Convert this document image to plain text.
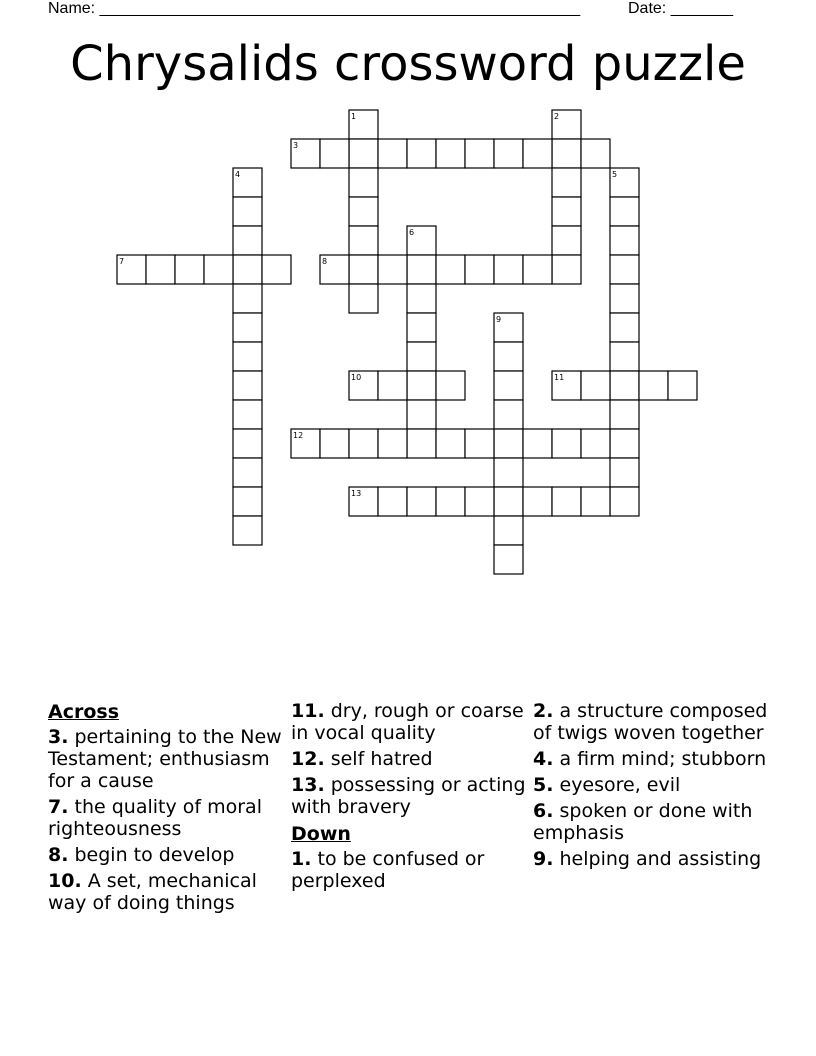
Name: ______________________________________________________	Date: _______
Chrysalids crossword puzzle
1	2
3
4	5
6
7	8
9
10	11
12
13
Across
3. pertaining to the New Testament; enthusiasm for a cause
7. the quality of moral righteousness
8. begin to develop
10. A set, mechanical way of doing things
11. dry, rough or coarse in vocal quality
12. self hatred
13. possessing or acting with bravery
Down
1. to be confused or perplexed
2. a structure composed of twigs woven together
4. a firm mind; stubborn
5. eyesore, evil
6. spoken or done with emphasis
9. helping and assisting
